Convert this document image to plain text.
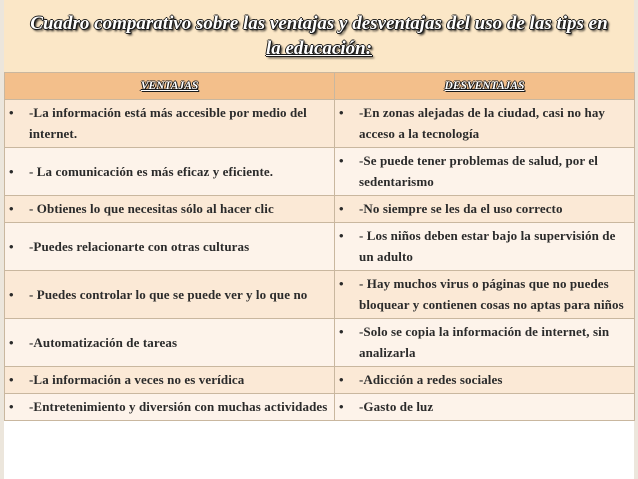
Cuadro comparativo sobre las ventajas y desventajas del uso de las tips en
la educación:
VENTAJAS	DESVENTAJAS

• -La información está más accesible por medio del internet.	• -En zonas alejadas de la ciudad, casi no hay acceso a la tecnología

• - La comunicación es más eficaz y eficiente.	• -Se puede tener problemas de salud, por el sedentarismo

• - Obtienes lo que necesitas sólo al hacer clic	• -No siempre se les da el uso correcto

• -Puedes relacionarte con otras culturas	• - Los niños deben estar bajo la supervisión de un adulto

• - Puedes controlar lo que se puede ver y lo que no	• - Hay muchos virus o páginas que no puedes bloquear y contienen cosas no aptas para niños

• -Automatización de tareas	• -Solo se copia la información de internet, sin analizarla

• -La información a veces no es verídica	• -Adicción a redes sociales

• -Entretenimiento y diversión con muchas actividades	• -Gasto de luz
